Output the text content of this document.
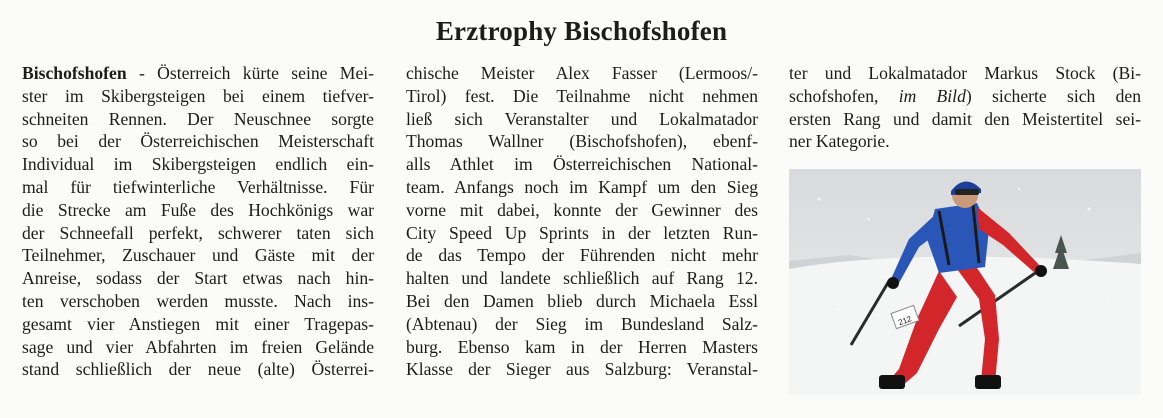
Erztrophy Bischofshofen
Bischofshofen - Österreich kürte seine Mei-
ster im Skibergsteigen bei einem tiefver-
schneiten Rennen. Der Neuschnee sorgte
so bei der Österreichischen Meisterschaft
Individual im Skibergsteigen endlich ein-
mal für tiefwinterliche Verhältnisse. Für
die Strecke am Fuße des Hochkönigs war
der Schneefall perfekt, schwerer taten sich
Teilnehmer, Zuschauer und Gäste mit der
Anreise, sodass der Start etwas nach hin-
ten verschoben werden musste. Nach ins-
gesamt vier Anstiegen mit einer Tragepas-
sage und vier Abfahrten im freien Gelände
stand schließlich der neue (alte) Österrei-
chische Meister Alex Fasser (Lermoos/-
Tirol) fest. Die Teilnahme nicht nehmen
ließ sich Veranstalter und Lokalmatador
Thomas Wallner (Bischofshofen), ebenf-
alls Athlet im Österreichischen National-
team. Anfangs noch im Kampf um den Sieg
vorne mit dabei, konnte der Gewinner des
City Speed Up Sprints in der letzten Run-
de das Tempo der Führenden nicht mehr
halten und landete schließlich auf Rang 12.
Bei den Damen blieb durch Michaela Essl
(Abtenau) der Sieg im Bundesland Salz-
burg. Ebenso kam in der Herren Masters
Klasse der Sieger aus Salzburg: Veranstal-
ter und Lokalmatador Markus Stock (Bi-
schofshofen, im Bild) sicherte sich den
ersten Rang und damit den Meistertitel sei-
ner Kategorie.
212
